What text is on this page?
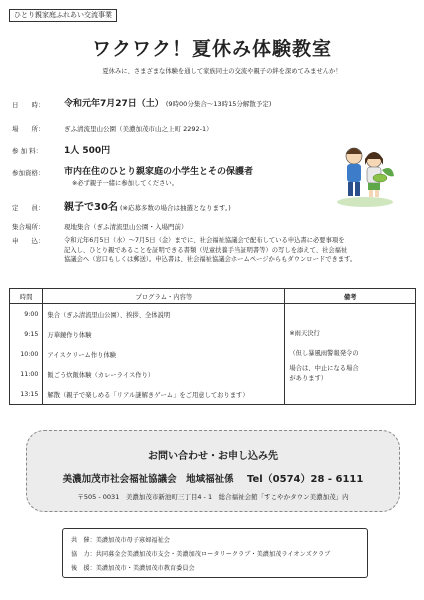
ひとり親家庭ふれあい交流事業
ワクワク！夏休み体験教室
夏休みに、さまざまな体験を通して家族同士の交流や親子の絆を深めてみませんか！
日　　時： 令和元年7月27日（土） (9時00分集合～13時15分解散予定)
場　　所：	ぎふ清流里山公園（美濃加茂市山之上町 2292-1）
参 加 料： 1人 500円
参加資格： 市内在住のひとり親家庭の小学生とその保護者
※必ず親子一緒に参加してください。
定　　員： 親子で30名 (※応募多数の場合は抽選となります。)
集合場所：	現地集合（ぎふ清流里山公園・入場門前）
申　　込：	令和元年6月5日（水）～7月5日（金）までに、社会福祉協議会で配布している申込書に必要事項を
記入し、ひとり親であることを証明できる書類（児童扶養手当証明書等）の写しを添えて、社会福祉
協議会へ（窓口もしくは郵送）。申込書は、社会福祉協議会ホームページからもダウンロードできます。
時間	プログラム・内容等	備考
9:00	集合（ぎふ清流里山公園）、挨拶、全体説明	
9:15	万華鏡作り体験	※雨天決行
10:00	アイスクリーム作り体験	（但し暴風雨警報発令の
11:00	飯ごう炊飯体験（カレーライス作り）	場合は、中止になる場合
があります）
13:15	解散（親子で楽しめる「リアル謎解きゲーム」をご用意しております）	
お問い合わせ・お申し込み先
美濃加茂市社会福祉協議会　地域福祉係 Tel（0574）28 - 6111
〒505 - 0031　美濃加茂市新池町三丁目4 - 1　総合福祉会館「すこやかタウン美濃加茂」内
共　催：美濃加茂市母子寡婦福祉会
協　力：共同募金会美濃加茂市支会・美濃加茂ロータリークラブ・美濃加茂ライオンズクラブ
後　援：美濃加茂市・美濃加茂市教育委員会
